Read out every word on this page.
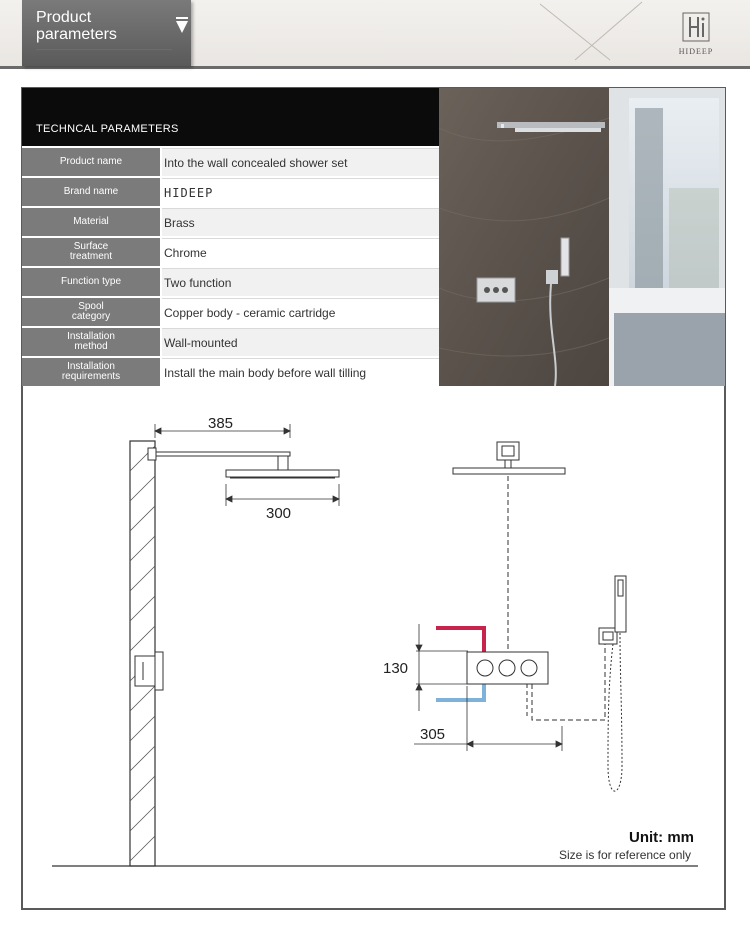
Product
parameters
········································································································································	HIDEEP
TECHNCAL PARAMETERS
Product name	Into the wall concealed shower set
Brand name	HIDEEP
Material	Brass
Surface
treatment	Chrome
Function type	Two function
Spool
category	Copper body - ceramic cartridge
Installation
method	Wall-mounted
Installation
requirements	Install the main body before wall tilling
385
300
130
305
Unit: mm
Size is for reference only
